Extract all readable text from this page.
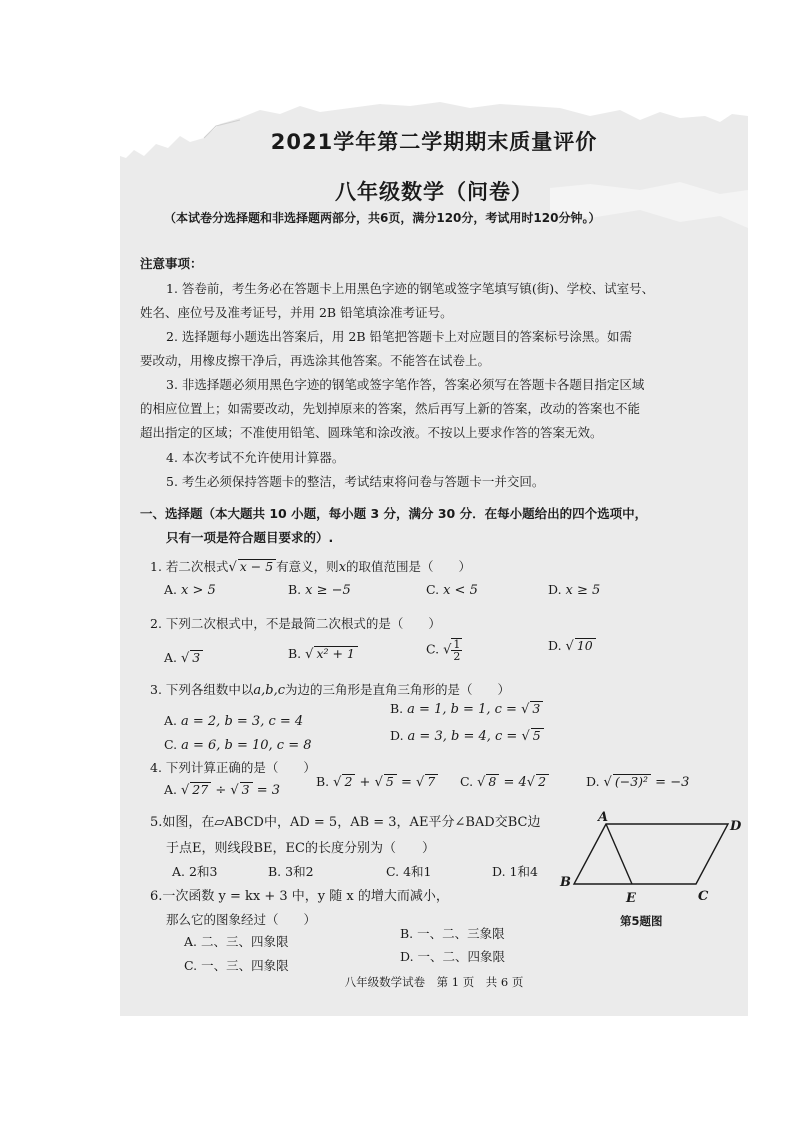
2021学年第二学期期末质量评价
八年级数学（问卷）
（本试卷分选择题和非选择题两部分，共6页，满分120分，考试用时120分钟。）
注意事项：
1. 答卷前，考生务必在答题卡上用黑色字迹的钢笔或签字笔填写镇(街)、学校、试室号、
姓名、座位号及准考证号，并用 2B 铅笔填涂准考证号。
2. 选择题每小题选出答案后，用 2B 铅笔把答题卡上对应题目的答案标号涂黑。如需
要改动，用橡皮擦干净后，再选涂其他答案。不能答在试卷上。
3. 非选择题必须用黑色字迹的钢笔或签字笔作答，答案必须写在答题卡各题目指定区域
的相应位置上；如需要改动，先划掉原来的答案，然后再写上新的答案，改动的答案也不能
超出指定的区域；不准使用铅笔、圆珠笔和涂改液。不按以上要求作答的答案无效。
4. 本次考试不允许使用计算器。
5. 考生必须保持答题卡的整洁，考试结束将问卷与答题卡一并交回。
一、选择题（本大题共 10 小题，每小题 3 分，满分 30 分．在每小题给出的四个选项中，
只有一项是符合题目要求的）.
1. 若二次根式√ x − 5 有意义，则x的取值范围是（　　）
A. x > 5	B. x ≥ −5	C. x < 5	D. x ≥ 5
2. 下列二次根式中，不是最简二次根式的是（　　）
A. √ 3	B. √ x² + 1	C. √ $\frac{1}{2}$	D. √ 10
3. 下列各组数中以a,b,c为边的三角形是直角三角形的是（　　）
A. a = 2, b = 3, c = 4
B. a = 1, b = 1, c = √ 3
C. a = 6, b = 10, c = 8
D. a = 3, b = 4, c = √ 5
4. 下列计算正确的是（　　）
A. √ 27 ÷ √ 3 = 3
B. √ 2 + √ 5 = √ 7 C. √ 8 = 4√ 2	D. √ (−3)² = −3
5.如图，在▱ABCD中，AD = 5，AB = 3，AE平分∠BAD交BC边
于点E，则线段BE，EC的长度分别为（　　）
A. 2和3	B. 3和2	C. 4和1	D. 1和4
A
D
B
C
E
第5题图
6.一次函数 y = kx + 3 中，y 随 x 的增大而减小，
那么它的图象经过（　　）
A. 二、三、四象限
B. 一、二、三象限
C. 一、三、四象限
D. 一、二、四象限
八年级数学试卷　第 1 页　共 6 页
